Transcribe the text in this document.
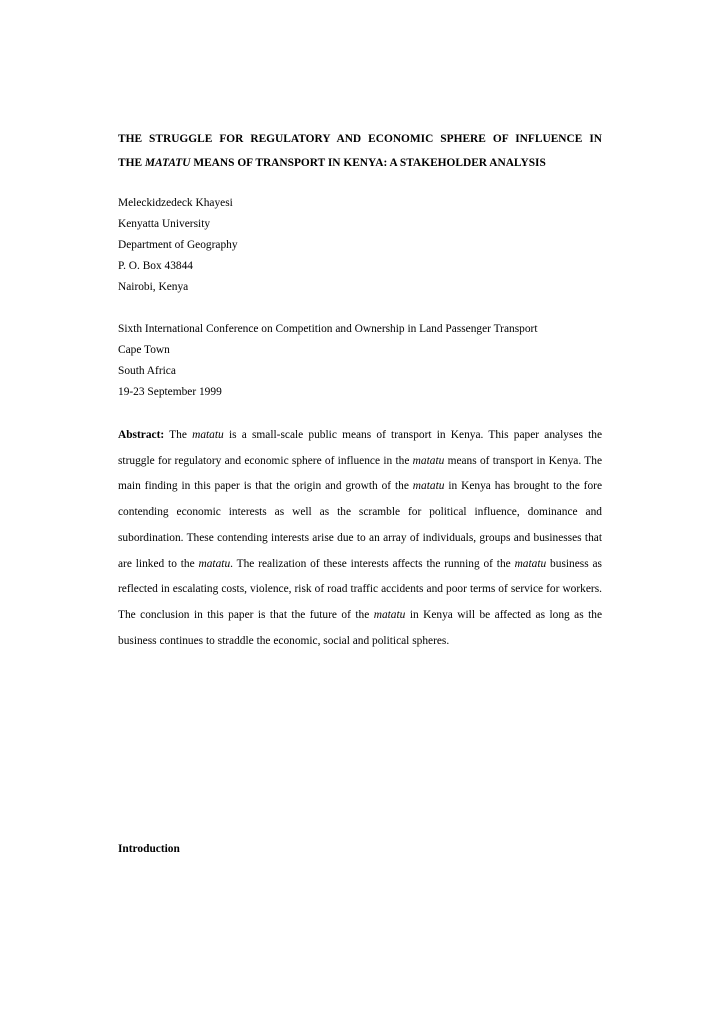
THE STRUGGLE FOR REGULATORY AND ECONOMIC SPHERE OF INFLUENCE IN
THE MATATU MEANS OF TRANSPORT IN KENYA: A STAKEHOLDER ANALYSIS
Meleckidzedeck Khayesi
Kenyatta University
Department of Geography
P. O. Box 43844
Nairobi, Kenya
Sixth International Conference on Competition and Ownership in Land Passenger Transport
Cape Town
South Africa
19-23 September 1999
Abstract: The matatu is a small-scale public means of transport in Kenya. This paper analyses the struggle for regulatory and economic sphere of influence in the matatu means of transport in Kenya. The main finding in this paper is that the origin and growth of the matatu in Kenya has brought to the fore contending economic interests as well as the scramble for political influence, dominance and subordination. These contending interests arise due to an array of individuals, groups and businesses that are linked to the matatu. The realization of these interests affects the running of the matatu business as reflected in escalating costs, violence, risk of road traffic accidents and poor terms of service for workers. The conclusion in this paper is that the future of the matatu in Kenya will be affected as long as the business continues to straddle the economic, social and political spheres.
Introduction
